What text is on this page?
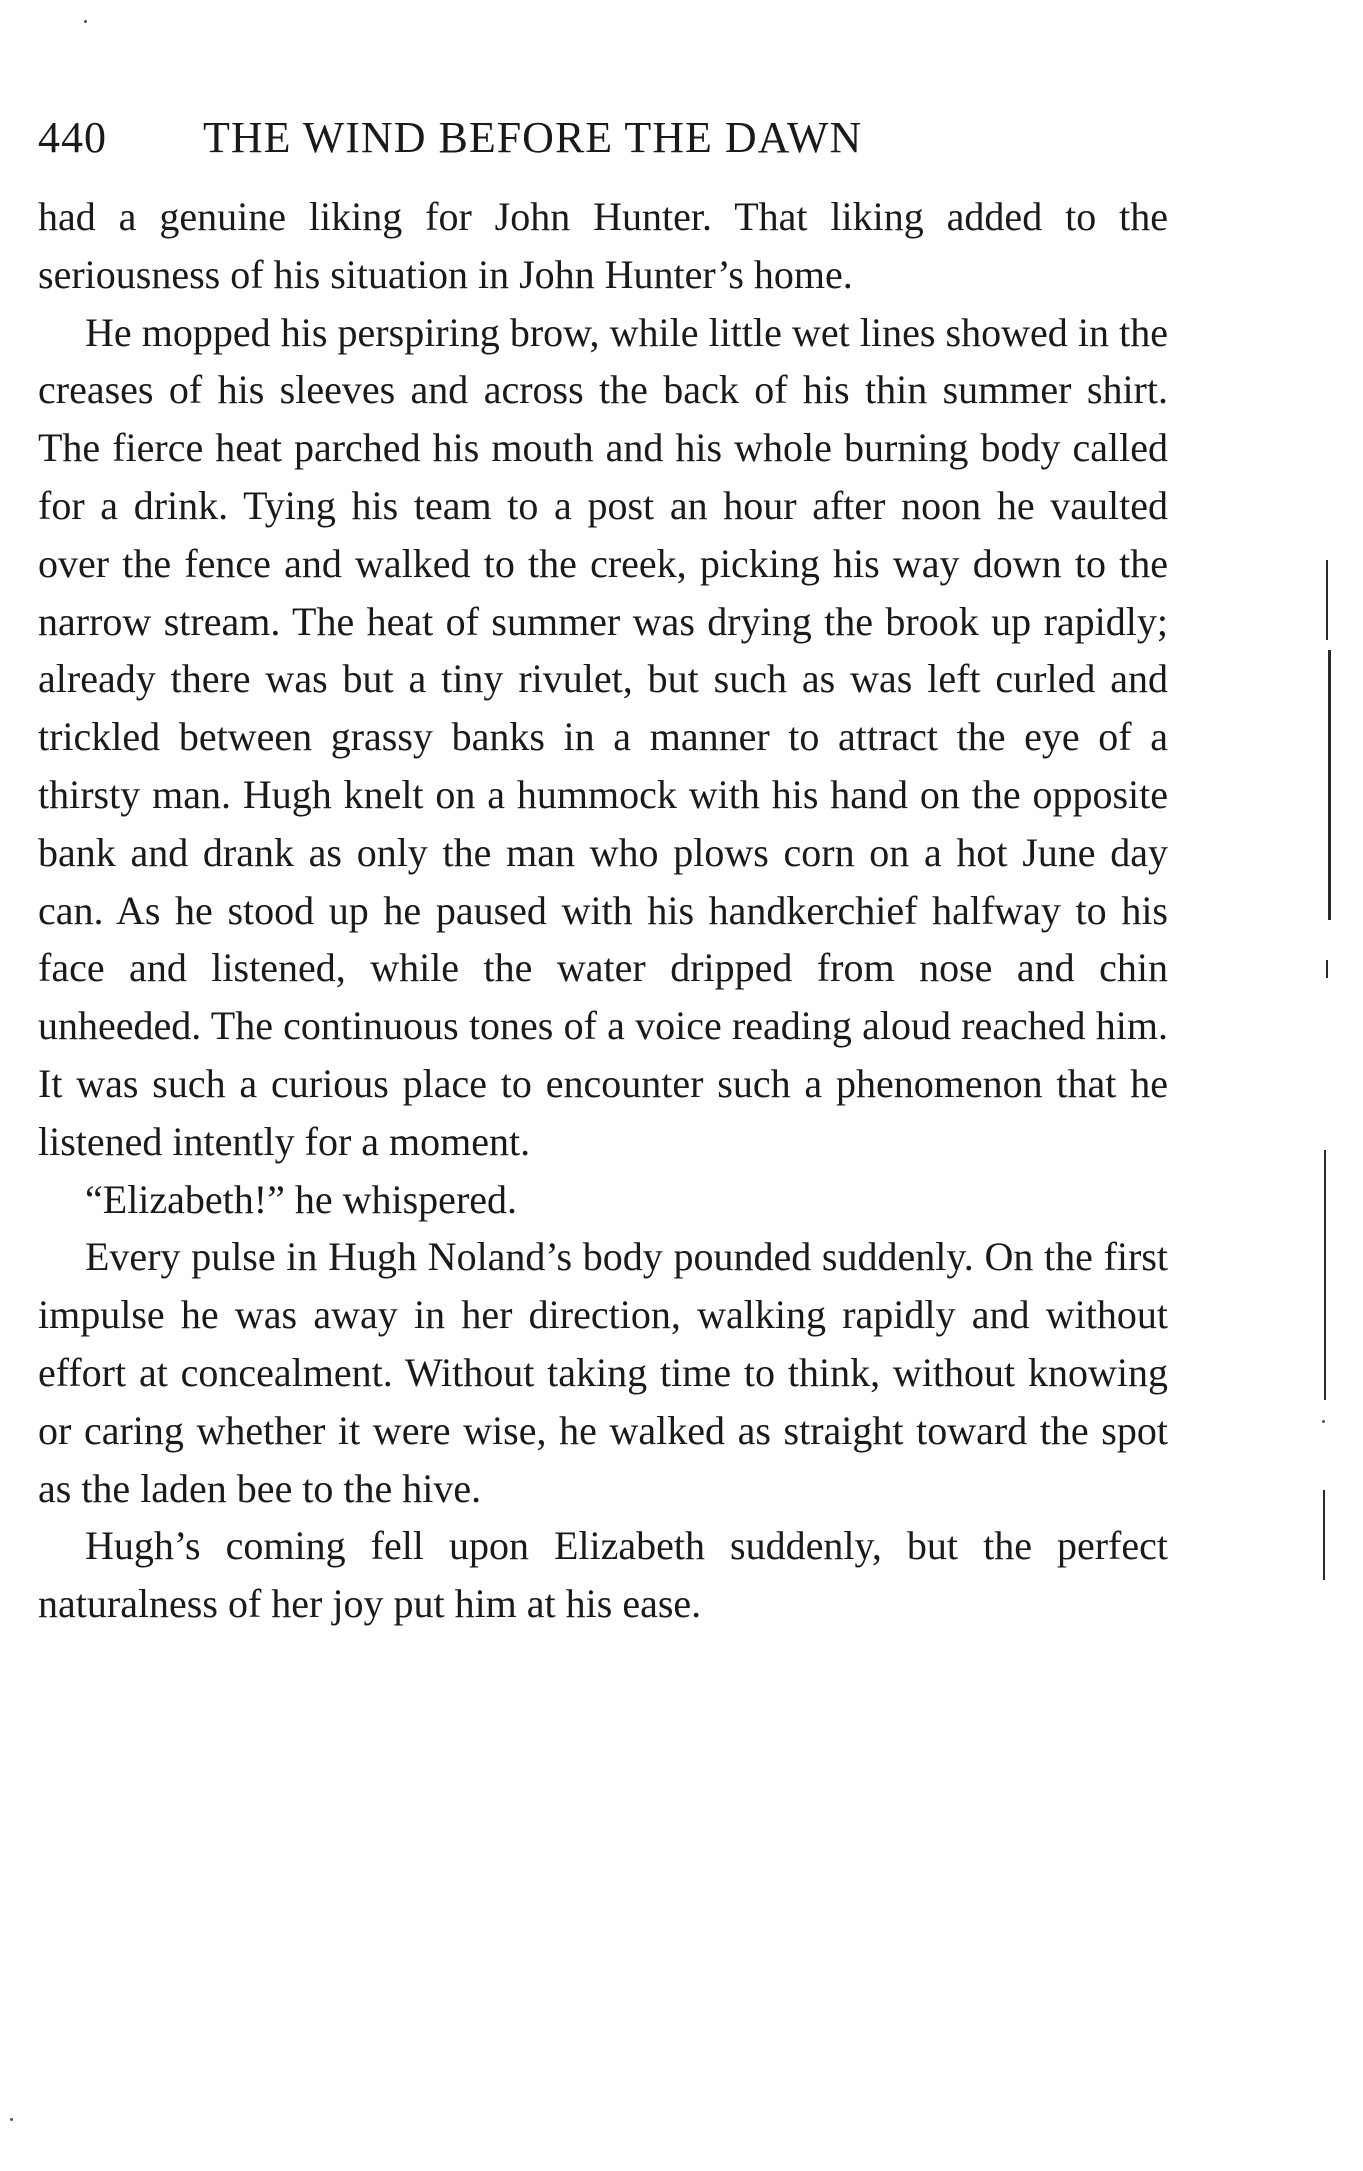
440 THE WIND BEFORE THE DAWN

had a genuine liking for John Hunter. That liking added to the seriousness of his situation in John Hunter’s home.

He mopped his perspiring brow, while little wet lines showed in the creases of his sleeves and across the back of his thin summer shirt. The fierce heat parched his mouth and his whole burning body called for a drink. Tying his team to a post an hour after noon he vaulted over the fence and walked to the creek, picking his way down to the narrow stream. The heat of summer was drying the brook up rapidly; already there was but a tiny rivulet, but such as was left curled and trickled between grassy banks in a manner to attract the eye of a thirsty man. Hugh knelt on a hummock with his hand on the opposite bank and drank as only the man who plows corn on a hot June day can. As he stood up he paused with his handkerchief halfway to his face and listened, while the water dripped from nose and chin unheeded. The continuous tones of a voice reading aloud reached him. It was such a curious place to encounter such a phenomenon that he listened intently for a moment.

“Elizabeth!” he whispered.

Every pulse in Hugh Noland’s body pounded suddenly. On the first impulse he was away in her direction, walking rapidly and without effort at concealment. Without taking time to think, without knowing or caring whether it were wise, he walked as straight toward the spot as the laden bee to the hive.

Hugh’s coming fell upon Elizabeth suddenly, but the perfect naturalness of her joy put him at his ease.
